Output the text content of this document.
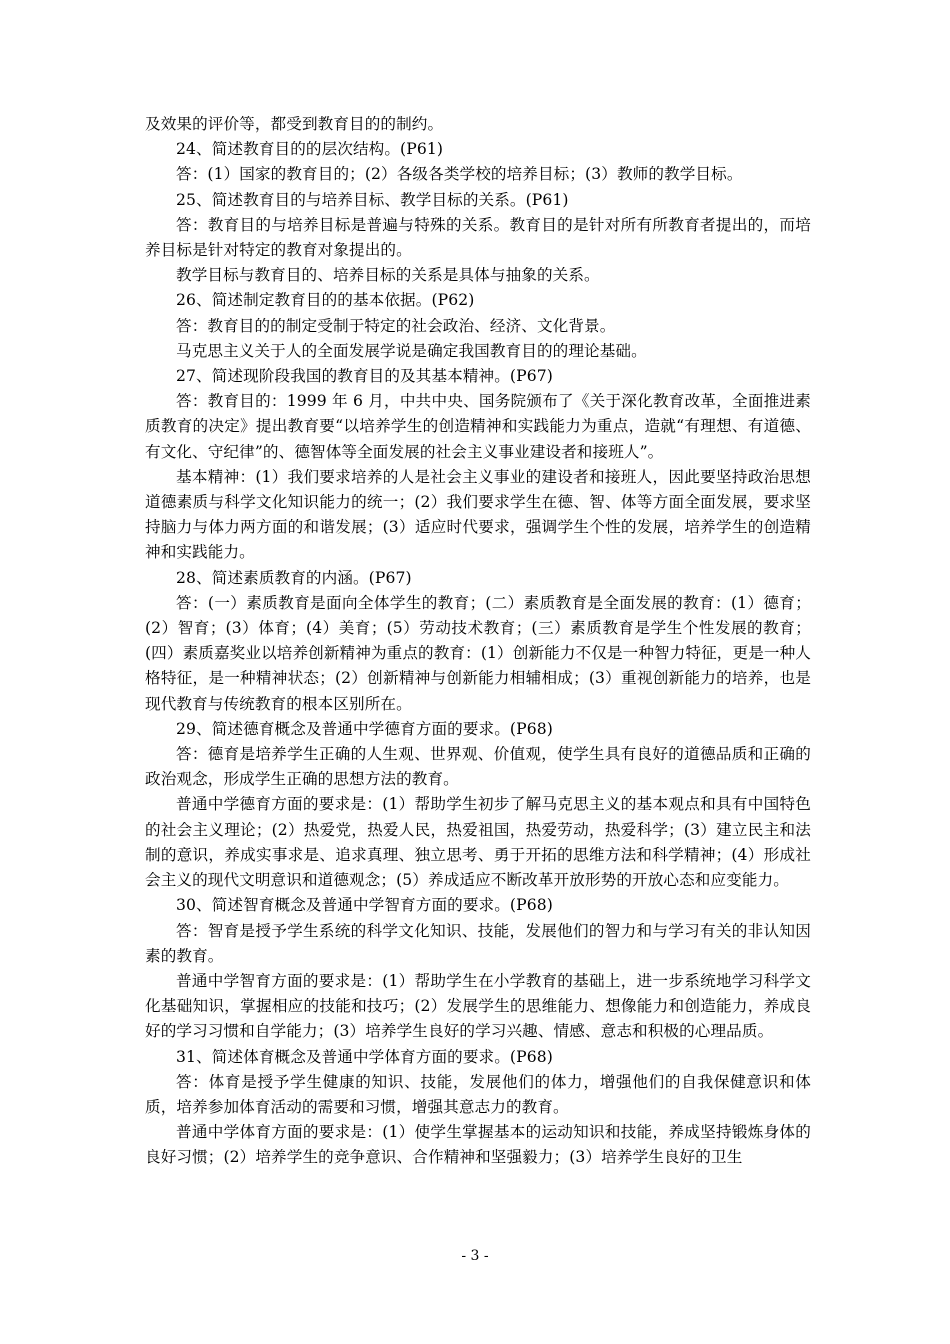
及效果的评价等，都受到教育目的的制约。

24、简述教育目的的层次结构。(P61)

答：(1）国家的教育目的；(2）各级各类学校的培养目标；(3）教师的教学目标。

25、简述教育目的与培养目标、教学目标的关系。(P61)

答：教育目的与培养目标是普遍与特殊的关系。教育目的是针对所有所教育者提出的，而培养目标是针对特定的教育对象提出的。

教学目标与教育目的、培养目标的关系是具体与抽象的关系。

26、简述制定教育目的的基本依据。(P62)

答：教育目的的制定受制于特定的社会政治、经济、文化背景。

马克思主义关于人的全面发展学说是确定我国教育目的的理论基础。

27、简述现阶段我国的教育目的及其基本精神。(P67)

答：教育目的：1999 年 6 月，中共中央、国务院颁布了《关于深化教育改革，全面推进素质教育的决定》提出教育要“以培养学生的创造精神和实践能力为重点，造就“有理想、有道德、有文化、守纪律”的、德智体等全面发展的社会主义事业建设者和接班人”。

基本精神：(1）我们要求培养的人是社会主义事业的建设者和接班人，因此要坚持政治思想道德素质与科学文化知识能力的统一；(2）我们要求学生在德、智、体等方面全面发展，要求坚持脑力与体力两方面的和谐发展；(3）适应时代要求，强调学生个性的发展，培养学生的创造精神和实践能力。

28、简述素质教育的内涵。(P67)

答：(一）素质教育是面向全体学生的教育；(二）素质教育是全面发展的教育：(1）德育；(2）智育；(3）体育；(4）美育；(5）劳动技术教育；(三）素质教育是学生个性发展的教育；(四）素质嘉奖业以培养创新精神为重点的教育：(1）创新能力不仅是一种智力特征，更是一种人格特征，是一种精神状态；(2）创新精神与创新能力相辅相成；(3）重视创新能力的培养，也是现代教育与传统教育的根本区别所在。

29、简述德育概念及普通中学德育方面的要求。(P68)

答：德育是培养学生正确的人生观、世界观、价值观，使学生具有良好的道德品质和正确的政治观念，形成学生正确的思想方法的教育。

普通中学德育方面的要求是：(1）帮助学生初步了解马克思主义的基本观点和具有中国特色的社会主义理论；(2）热爱党，热爱人民，热爱祖国，热爱劳动，热爱科学；(3）建立民主和法制的意识，养成实事求是、追求真理、独立思考、勇于开拓的思维方法和科学精神；(4）形成社会主义的现代文明意识和道德观念；(5）养成适应不断改革开放形势的开放心态和应变能力。

30、简述智育概念及普通中学智育方面的要求。(P68)

答：智育是授予学生系统的科学文化知识、技能，发展他们的智力和与学习有关的非认知因素的教育。

普通中学智育方面的要求是：(1）帮助学生在小学教育的基础上，进一步系统地学习科学文化基础知识，掌握相应的技能和技巧；(2）发展学生的思维能力、想像能力和创造能力，养成良好的学习习惯和自学能力；(3）培养学生良好的学习兴趣、情感、意志和积极的心理品质。

31、简述体育概念及普通中学体育方面的要求。(P68)

答：体育是授予学生健康的知识、技能，发展他们的体力，增强他们的自我保健意识和体质，培养参加体育活动的需要和习惯，增强其意志力的教育。

普通中学体育方面的要求是：(1）使学生掌握基本的运动知识和技能，养成坚持锻炼身体的良好习惯；(2）培养学生的竞争意识、合作精神和坚强毅力；(3）培养学生良好的卫生

- 3 -
